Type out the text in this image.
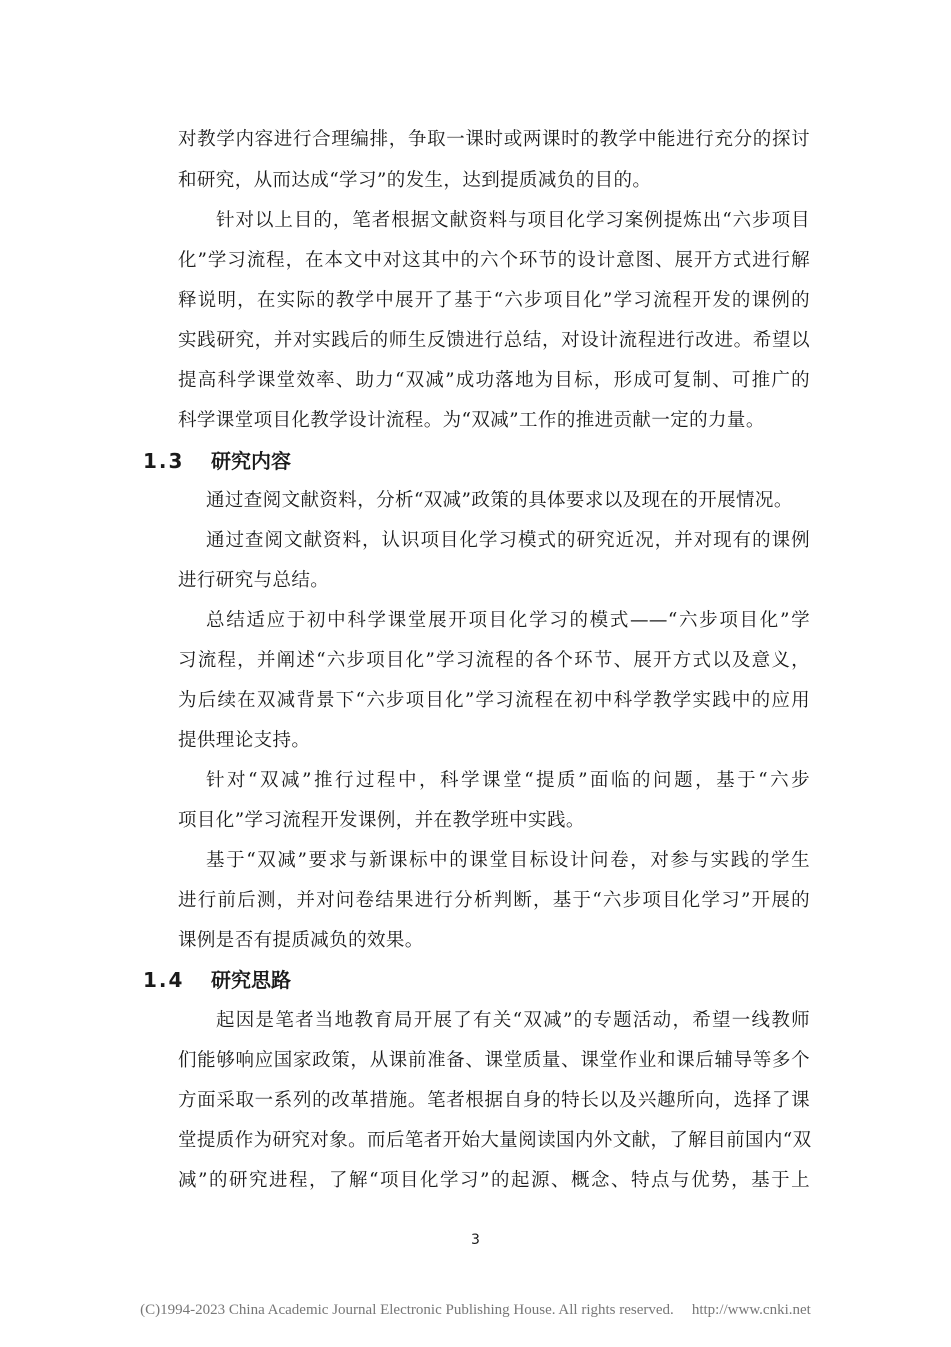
对教学内容进行合理编排，争取一课时或两课时的教学中能进行充分的探讨
和研究，从而达成“学习”的发生，达到提质减负的目的。
针对以上目的，笔者根据文献资料与项目化学习案例提炼出“六步项目
化”学习流程，在本文中对这其中的六个环节的设计意图、展开方式进行解
释说明，在实际的教学中展开了基于“六步项目化”学习流程开发的课例的
实践研究，并对实践后的师生反馈进行总结，对设计流程进行改进。希望以
提高科学课堂效率、助力“双减”成功落地为目标，形成可复制、可推广的
科学课堂项目化教学设计流程。为“双减”工作的推进贡献一定的力量。
1.3 研究内容
通过查阅文献资料，分析“双减”政策的具体要求以及现在的开展情况。
通过查阅文献资料，认识项目化学习模式的研究近况，并对现有的课例
进行研究与总结。
总结适应于初中科学课堂展开项目化学习的模式——“六步项目化”学
习流程，并阐述“六步项目化”学习流程的各个环节、展开方式以及意义，
为后续在双减背景下“六步项目化”学习流程在初中科学教学实践中的应用
提供理论支持。
针对“双减”推行过程中，科学课堂“提质”面临的问题，基于“六步
项目化”学习流程开发课例，并在教学班中实践。
基于“双减”要求与新课标中的课堂目标设计问卷，对参与实践的学生
进行前后测，并对问卷结果进行分析判断，基于“六步项目化学习”开展的
课例是否有提质减负的效果。
1.4 研究思路
起因是笔者当地教育局开展了有关“双减”的专题活动，希望一线教师
们能够响应国家政策，从课前准备、课堂质量、课堂作业和课后辅导等多个
方面采取一系列的改革措施。笔者根据自身的特长以及兴趣所向，选择了课
堂提质作为研究对象。而后笔者开始大量阅读国内外文献，了解目前国内“双
减”的研究进程，了解“项目化学习”的起源、概念、特点与优势，基于上
3
(C)1994-2023 China Academic Journal Electronic Publishing House. All rights reserved. http://www.cnki.net
